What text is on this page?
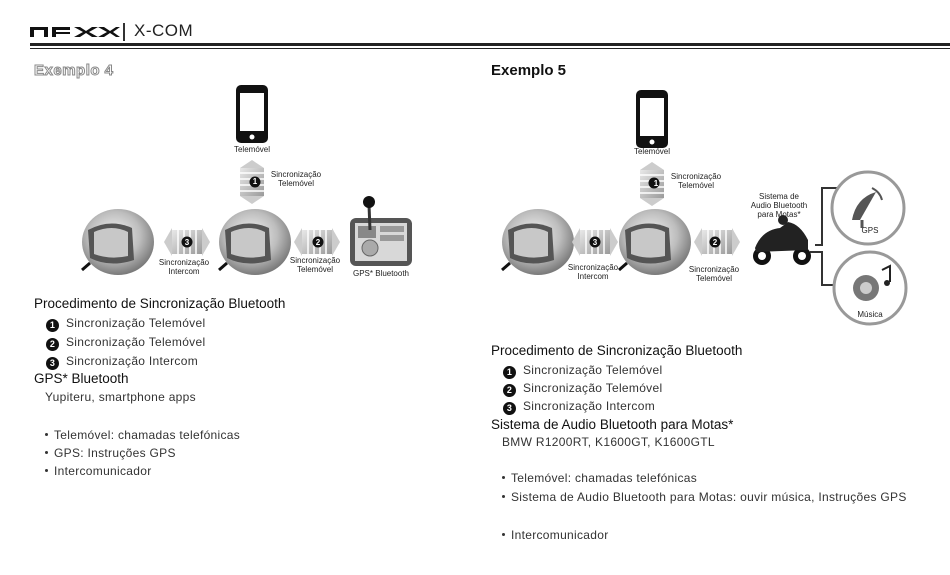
X-COM
Exemplo 4
1
3	2
Telemóvel
Sincronização
Telemóvel
Sincronização
Intercom
Sincronização
Telemóvel	GPS* Bluetooth
Procedimento de Sincronização Bluetooth
1 Sincronização Telemóvel
2 Sincronização Telemóvel
3 Sincronização Intercom
GPS* Bluetooth
Yupiteru, smartphone apps
Telemóvel: chamadas telefónicas
GPS: Instruções GPS
Intercomunicador
Exemplo 5
1
3	2
Telemóvel
Sincronização
Telemóvel
Sincronização
Intercom
Sincronização
Telemóvel
Sistema de
Audio Bluetooth
para Motas*
GPS
Música
Procedimento de Sincronização Bluetooth
1 Sincronização Telemóvel
2 Sincronização Telemóvel
3 Sincronização Intercom
Sistema de Audio Bluetooth para Motas*
BMW R1200RT, K1600GT, K1600GTL
Telemóvel: chamadas telefónicas
Sistema de Audio Bluetooth para Motas: ouvir música, Instruções GPS
Intercomunicador
